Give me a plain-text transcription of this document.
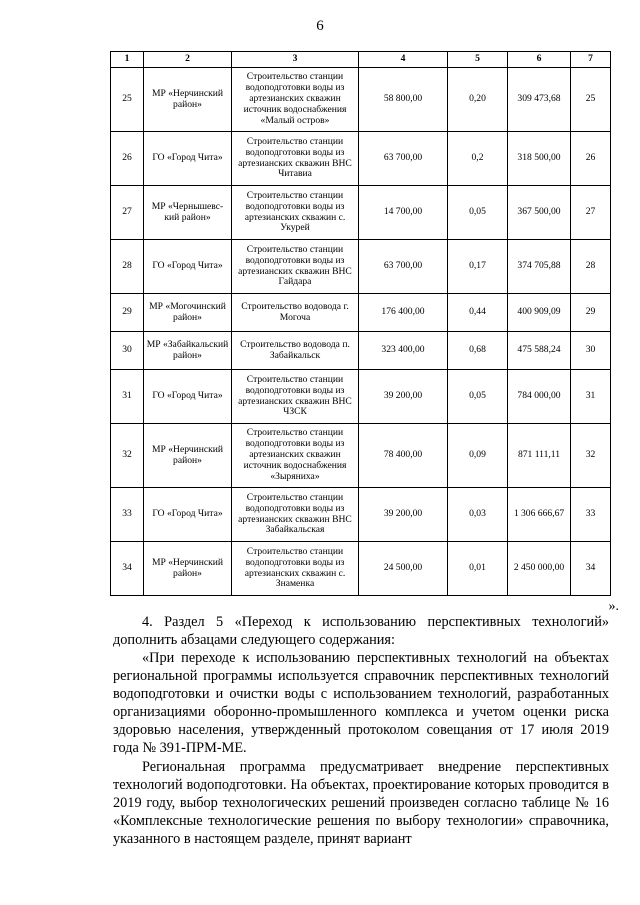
6
1	2	3	4	5	6	7
25	МР «Нерчинский район»	Строительство станции водоподготовки воды из артезианских скважин источник водоснабжения «Малый остров»	58 800,00	0,20	309 473,68	25
26	ГО «Город Чита»	Строительство станции водоподготовки воды из артезианских скважин ВНС Читавиа	63 700,00	0,2	318 500,00	26
27	МР «Чернышевс-кий район»	Строительство станции водоподготовки воды из артезианских скважин с. Укурей	14 700,00	0,05	367 500,00	27
28	ГО «Город Чита»	Строительство станции водоподготовки воды из артезианских скважин ВНС Гайдара	63 700,00	0,17	374 705,88	28
29	МР «Могочинский район»	Строительство водовода г. Могоча	176 400,00	0,44	400 909,09	29
30	МР «Забайкальский район»	Строительство водовода п. Забайкальск	323 400,00	0,68	475 588,24	30
31	ГО «Город Чита»	Строительство станции водоподготовки воды из артезианских скважин ВНС ЧЗСК	39 200,00	0,05	784 000,00	31
32	МР «Нерчинский район»	Строительство станции водоподготовки воды из артезианских скважин источник водоснабжения «Зыряниха»	78 400,00	0,09	871 111,11	32
33	ГО «Город Чита»	Строительство станции водоподготовки воды из артезианских скважин ВНС Забайкальская	39 200,00	0,03	1 306 666,67	33
34	МР «Нерчинский район»	Строительство станции водоподготовки воды из артезианских скважин с. Знаменка	24 500,00	0,01	2 450 000,00	34
».

4. Раздел 5 «Переход к использованию перспективных технологий» дополнить абзацами следующего содержания:

«При переходе к использованию перспективных технологий на объектах региональной программы используется справочник перспективных технологий водоподготовки и очистки воды с использованием технологий, разработанных организациями оборонно-промышленного комплекса и учетом оценки риска здоровью населения, утвержденный протоколом совещания от 17 июля 2019 года № 391-ПРМ-МЕ.

Региональная программа предусматривает внедрение перспективных технологий водоподготовки. На объектах, проектирование которых проводится в 2019 году, выбор технологических решений произведен согласно таблице № 16 «Комплексные технологические решения по выбору технологии» справочника, указанного в настоящем разделе, принят вариант
